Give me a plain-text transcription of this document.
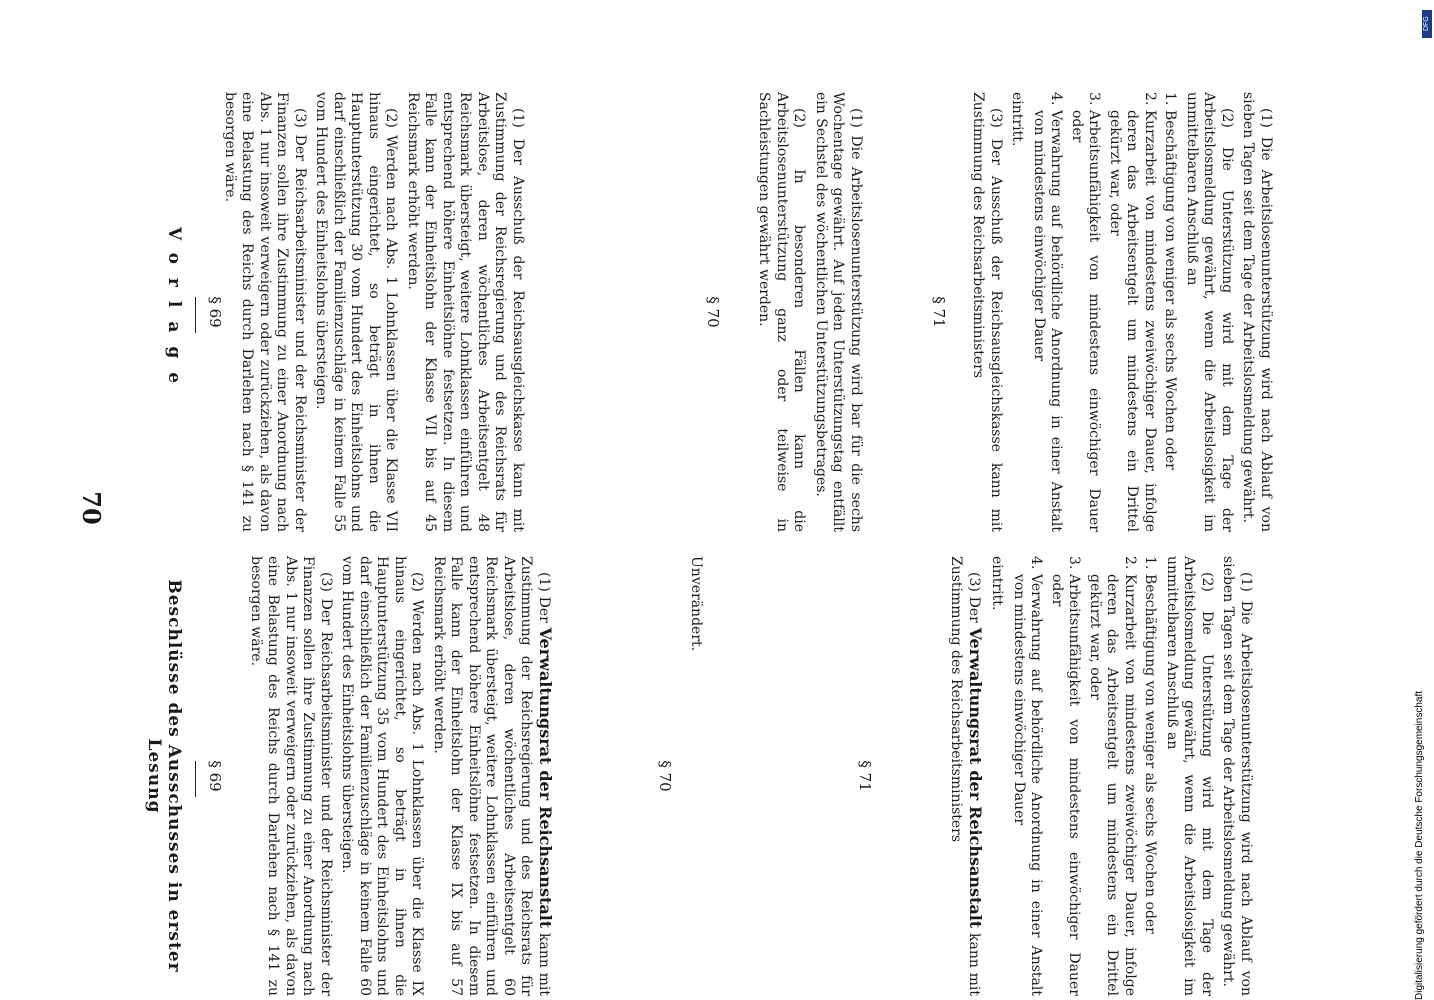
70
Vorlage § 69	(1) Der Ausschuß der Reichsausgleichskasse kann mit Zustimmung der Reichsregierung und des Reichsrats für Arbeitslose, deren wöchentliches Arbeitsentgelt 48 Reichsmark übersteigt, weitere Lohnklassen einführen und entsprechend höhere Einheitslöhne festsetzen. In diesem Falle kann der Einheitslohn der Klasse VII bis auf 45 Reichsmark erhöht werden.

(2) Werden nach Abs. 1 Lohnklassen über die Klasse VII hinaus eingerichtet, so beträgt in ihnen die Hauptunterstützung 30 vom Hundert des Einheitslohns und darf einschließlich der Familienzuschläge in keinem Falle 55 vom Hundert des Einheitslohns übersteigen.

(3) Der Reichsarbeitsminister und der Reichsminister der Finanzen sollen ihre Zustimmung zu einer Anordnung nach Abs. 1 nur insoweit verweigern oder zurückziehen, als davon eine Belastung des Reichs durch Darlehen nach § 141 zu besorgen wäre.

§ 70	(1) Die Arbeitslosenunterstützung wird bar für die sechs Wochentage gewährt. Auf jeden Unterstützungstag entfällt ein Sechstel des wöchentlichen Unterstützungsbetrages.

(2) In besonderen Fällen kann die Arbeitslosenunterstützung ganz oder teilweise in Sachleistungen gewährt werden.	§ 71	(1) Die Arbeitslosenunterstützung wird nach Ablauf von sieben Tagen seit dem Tage der Arbeitslosmeldung gewährt.

(2) Die Unterstützung wird mit dem Tage der Arbeitslosmeldung gewährt, wenn die Arbeitslosigkeit im unmittelbaren Anschluß an

1.
Beschäftigung von weniger als sechs Wochen oder
2.
Kurzarbeit von mindestens zweiwöchiger Dauer, infolge deren das Arbeitsentgelt um mindestens ein Drittel gekürzt war, oder
3.
Arbeitsunfähigkeit von mindestens einwöchiger Dauer oder
4.
Verwahrung auf behördliche Anordnung in einer Anstalt von mindestens einwöchiger Dauer

eintritt.

(3) Der Ausschuß der Reichsausgleichskasse kann mit Zustimmung des Reichsarbeitsministers

Beschlüsse des Ausschusses in erster Lesung	§ 69

(1) Der Verwaltungsrat der Reichsanstalt kann mit Zustimmung der Reichsregierung und des Reichsrats für Arbeitslose, deren wöchentliches Arbeitsentgelt 60 Reichsmark übersteigt, weitere Lohnklassen einführen und entsprechend höhere Einheitslöhne festsetzen. In diesem Falle kann der Einheitslohn der Klasse IX bis auf 57 Reichsmark erhöht werden.

(2) Werden nach Abs. 1 Lohnklassen über die Klasse IX hinaus eingerichtet, so beträgt in ihnen die Hauptunterstützung 35 vom Hundert des Einheitslohns und darf einschließlich der Familienzuschläge in keinem Falle 60 vom Hundert des Einheitslohns übersteigen.

(3) Der Reichsarbeitsminister und der Reichsminister der Finanzen sollen ihre Zustimmung zu einer Anordnung nach Abs. 1 nur insoweit verweigern oder zurückziehen, als davon eine Belastung des Reichs durch Darlehen nach § 141 zu besorgen wäre.

§ 70

Unverändert.

§ 71	(1) Die Arbeitslosenunterstützung wird nach Ablauf von sieben Tagen seit dem Tage der Arbeitslosmeldung gewährt.

(2) Die Unterstützung wird mit dem Tage der Arbeitslosmeldung gewährt, wenn die Arbeitslosigkeit im unmittelbaren Anschluß an

1.
Beschäftigung von weniger als sechs Wochen oder
2.
Kurzarbeit von mindestens zweiwöchiger Dauer, infolge deren das Arbeitsentgelt um mindestens ein Drittel gekürzt war, oder
3.
Arbeitsunfähigkeit von mindestens einwöchiger Dauer oder
4.
Verwahrung auf behördliche Anordnung in einer Anstalt von mindestens einwöchiger Dauer

eintritt.

(3) Der Verwaltungsrat der Reichsanstalt kann mit Zustimmung des Reichsarbeitsministers	Digitalisierung gefördert durch die Deutsche Forschungsgemeinschaft
DFG
